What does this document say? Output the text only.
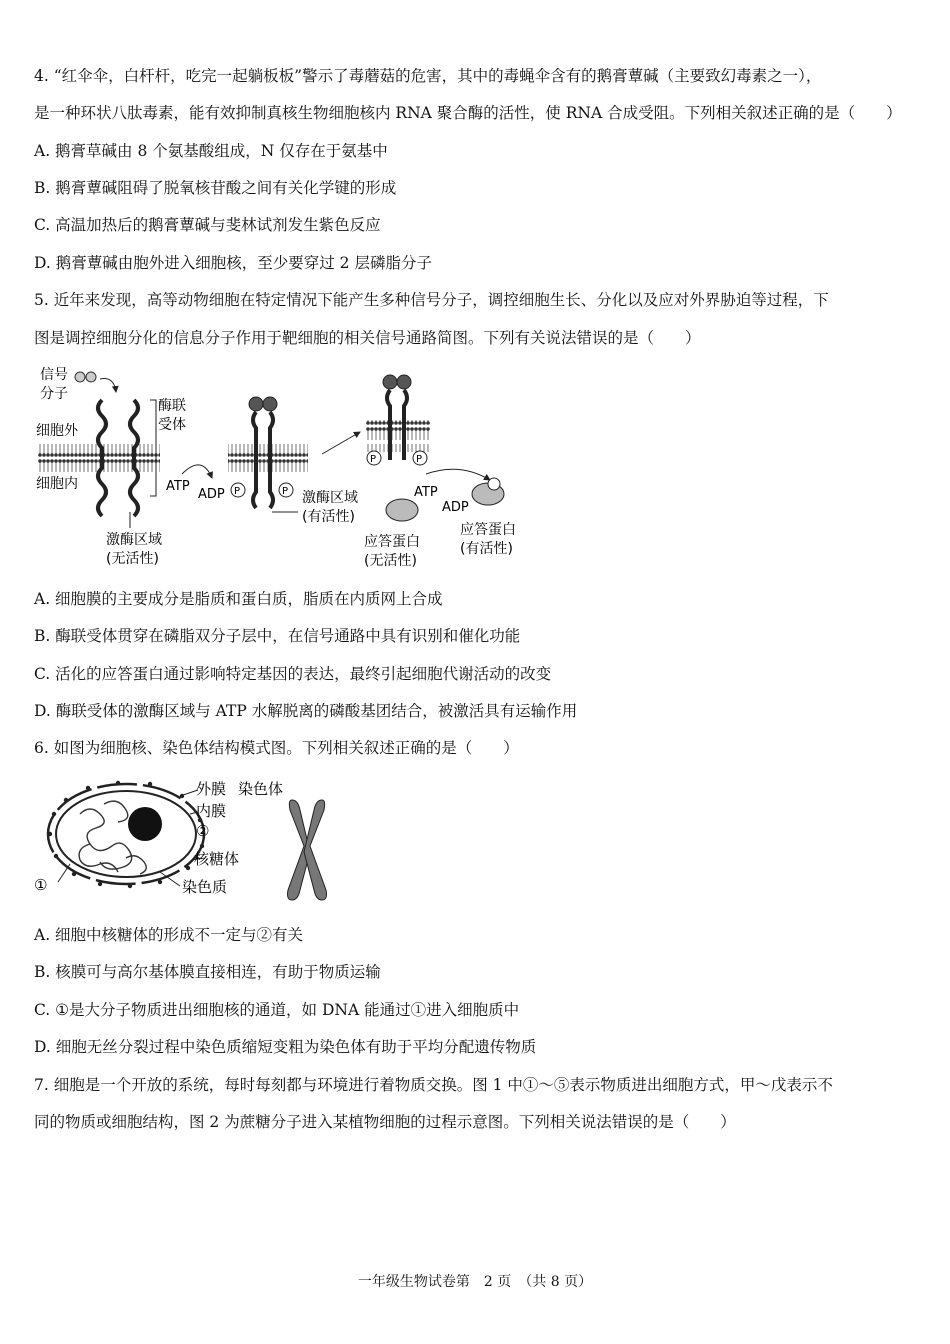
4. “红伞伞，白杆杆，吃完一起躺板板”警示了毒蘑菇的危害，其中的毒蝇伞含有的鹅膏蕈碱（主要致幻毒素之一），
是一种环状八肽毒素，能有效抑制真核生物细胞核内 RNA 聚合酶的活性，使 RNA 合成受阻。下列相关叙述正确的是（　　）
A. 鹅膏草碱由 8 个氨基酸组成，N 仅存在于氨基中
B. 鹅膏蕈碱阻碍了脱氧核苷酸之间有关化学键的形成
C. 高温加热后的鹅膏蕈碱与斐林试剂发生紫色反应
D. 鹅膏蕈碱由胞外进入细胞核，至少要穿过 2 层磷脂分子
5. 近年来发现，高等动物细胞在特定情况下能产生多种信号分子，调控细胞生长、分化以及应对外界胁迫等过程，下
图是调控细胞分化的信息分子作用于靶细胞的相关信号通路简图。下列有关说法错误的是（　　）
信号
分子
细胞外
细胞内
酶联
受体
激酶区域
(无活性)
ATP
ADP P	P 激酶区域
(有活性)
P	P
ATP
ADP
应答蛋白
(无活性)
应答蛋白
(有活性)
A. 细胞膜的主要成分是脂质和蛋白质，脂质在内质网上合成
B. 酶联受体贯穿在磷脂双分子层中，在信号通路中具有识别和催化功能
C. 活化的应答蛋白通过影响特定基因的表达，最终引起细胞代谢活动的改变
D. 酶联受体的激酶区域与 ATP 水解脱离的磷酸基团结合，被激活具有运输作用
6. 如图为细胞核、染色体结构模式图。下列相关叙述正确的是（　　）
外膜
内膜
②
核糖体
①	染色质
染色体
A. 细胞中核糖体的形成不一定与②有关
B. 核膜可与高尔基体膜直接相连，有助于物质运输
C. ①是大分子物质进出细胞核的通道，如 DNA 能通过①进入细胞质中
D. 细胞无丝分裂过程中染色质缩短变粗为染色体有助于平均分配遗传物质
7. 细胞是一个开放的系统，每时每刻都与环境进行着物质交换。图 1 中①～⑤表示物质进出细胞方式，甲～戊表示不
同的物质或细胞结构，图 2 为蔗糖分子进入某植物细胞的过程示意图。下列相关说法错误的是（　　）
一年级生物试卷第　2 页　（共 8 页）
